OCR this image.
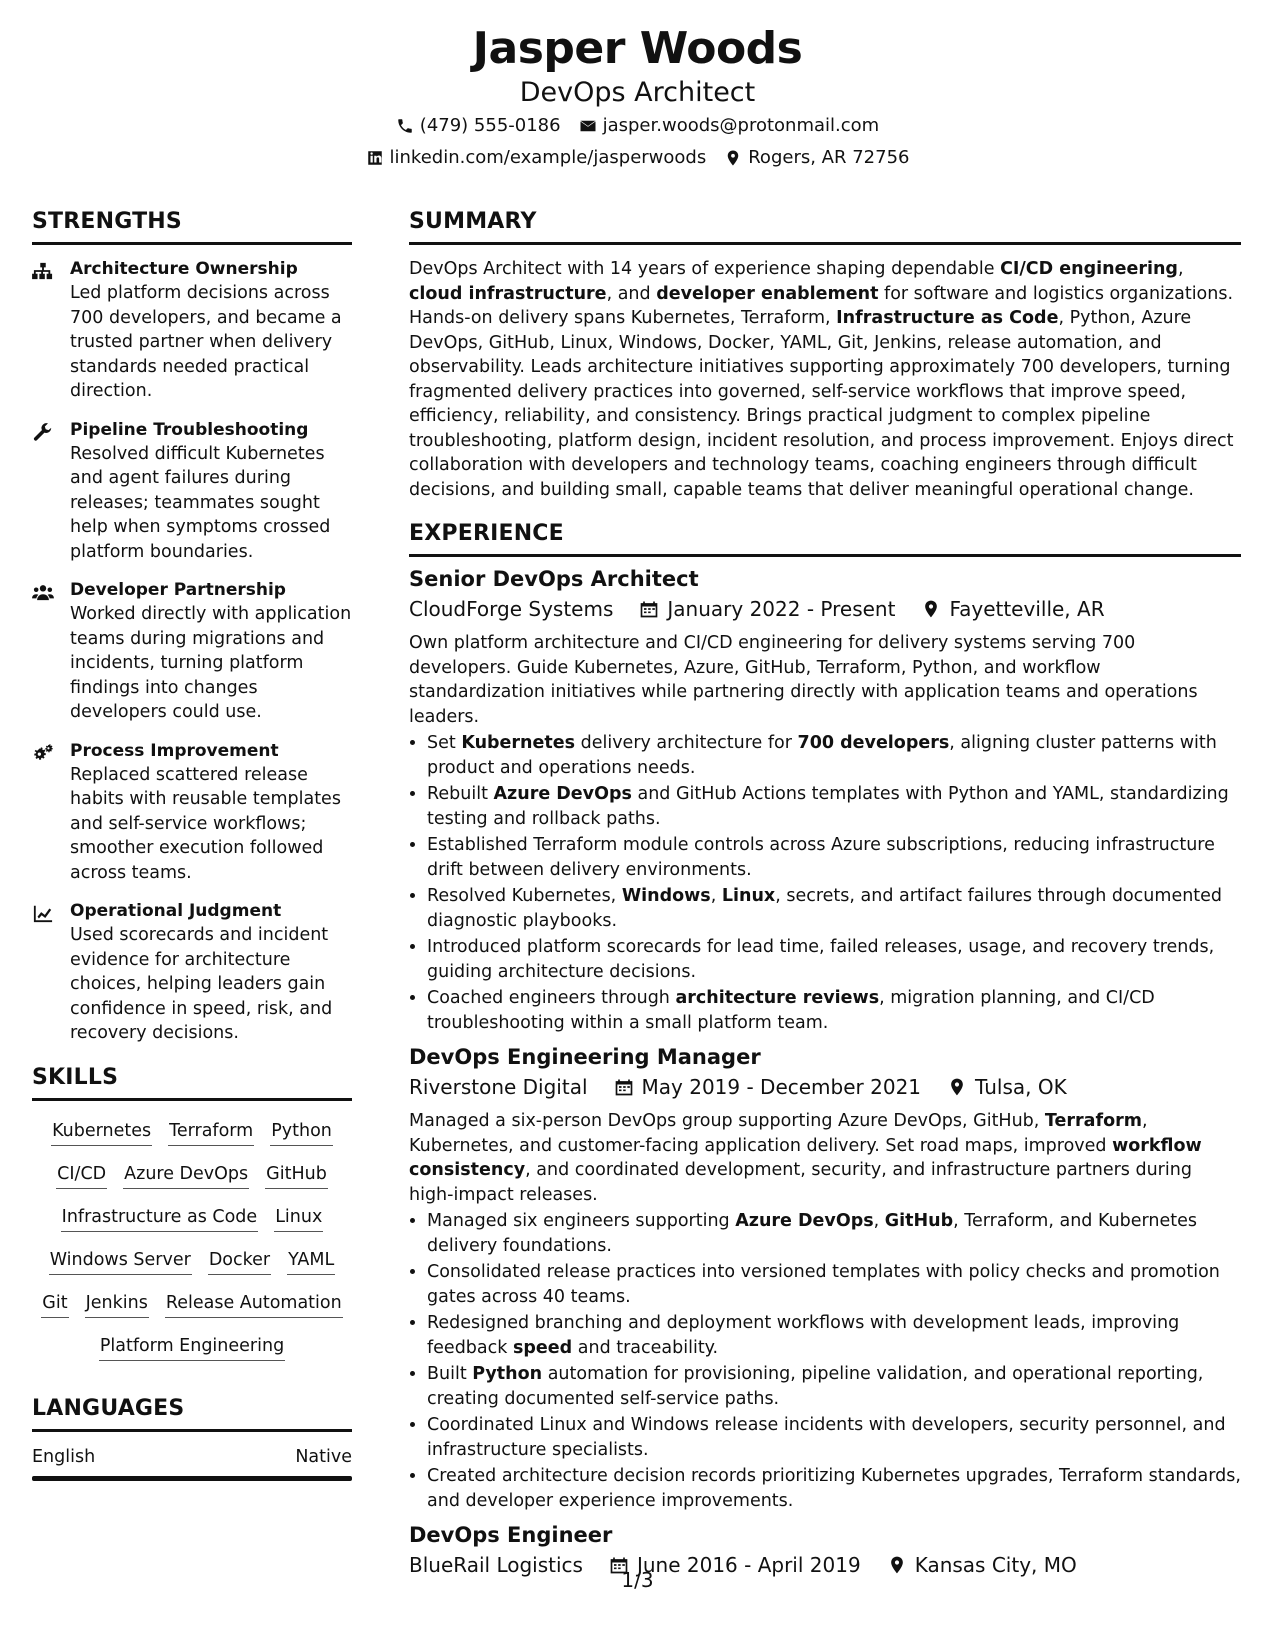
Jasper Woods
DevOps Architect
(479) 555-0186 jasper.woods@protonmail.com
linkedin.com/example/jasperwoods Rogers, AR 72756
STRENGTHS
Architecture Ownership
Led platform decisions across 700 developers, and became a trusted partner when delivery standards needed practical direction.
Pipeline Troubleshooting
Resolved difficult Kubernetes and agent failures during releases; teammates sought help when symptoms crossed platform boundaries.
Developer Partnership
Worked directly with application teams during migrations and incidents, turning platform findings into changes developers could use.
Process Improvement
Replaced scattered release habits with reusable templates and self-service workflows; smoother execution followed across teams.
Operational Judgment
Used scorecards and incident evidence for architecture choices, helping leaders gain confidence in speed, risk, and recovery decisions.
SKILLS
Kubernetes Terraform Python
CI/CD Azure DevOps GitHub
Infrastructure as Code Linux
Windows Server Docker YAML
Git Jenkins Release Automation
Platform Engineering
LANGUAGES
English	Native
SUMMARY
DevOps Architect with 14 years of experience shaping dependable CI/CD engineering, cloud infrastructure, and developer enablement for software and logistics organizations. Hands-on delivery spans Kubernetes, Terraform, Infrastructure as Code, Python, Azure DevOps, GitHub, Linux, Windows, Docker, YAML, Git, Jenkins, release automation, and observability. Leads architecture initiatives supporting approximately 700 developers, turning fragmented delivery practices into governed, self-service workflows that improve speed, efficiency, reliability, and consistency. Brings practical judgment to complex pipeline troubleshooting, platform design, incident resolution, and process improvement. Enjoys direct collaboration with developers and technology teams, coaching engineers through difficult decisions, and building small, capable teams that deliver meaningful operational change.
EXPERIENCE
Senior DevOps Architect
CloudForge Systems	January 2022 - Present	Fayetteville, AR
Own platform architecture and CI/CD engineering for delivery systems serving 700 developers. Guide Kubernetes, Azure, GitHub, Terraform, Python, and workflow standardization initiatives while partnering directly with application teams and operations leaders.
• Set Kubernetes delivery architecture for 700 developers, aligning cluster patterns with product and operations needs.
• Rebuilt Azure DevOps and GitHub Actions templates with Python and YAML, standardizing testing and rollback paths.
• Established Terraform module controls across Azure subscriptions, reducing infrastructure drift between delivery environments.
• Resolved Kubernetes, Windows, Linux, secrets, and artifact failures through documented diagnostic playbooks.
• Introduced platform scorecards for lead time, failed releases, usage, and recovery trends, guiding architecture decisions.
• Coached engineers through architecture reviews, migration planning, and CI/CD troubleshooting within a small platform team.
DevOps Engineering Manager
Riverstone Digital	May 2019 - December 2021	Tulsa, OK
Managed a six-person DevOps group supporting Azure DevOps, GitHub, Terraform, Kubernetes, and customer-facing application delivery. Set road maps, improved workflow consistency, and coordinated development, security, and infrastructure partners during high-impact releases.
• Managed six engineers supporting Azure DevOps, GitHub, Terraform, and Kubernetes delivery foundations.
• Consolidated release practices into versioned templates with policy checks and promotion gates across 40 teams.
• Redesigned branching and deployment workflows with development leads, improving feedback speed and traceability.
• Built Python automation for provisioning, pipeline validation, and operational reporting, creating documented self-service paths.
• Coordinated Linux and Windows release incidents with developers, security personnel, and infrastructure specialists.
• Created architecture decision records prioritizing Kubernetes upgrades, Terraform standards, and developer experience improvements.
DevOps Engineer
BlueRail Logistics	June 2016 - April 2019	Kansas City, MO
1/3
